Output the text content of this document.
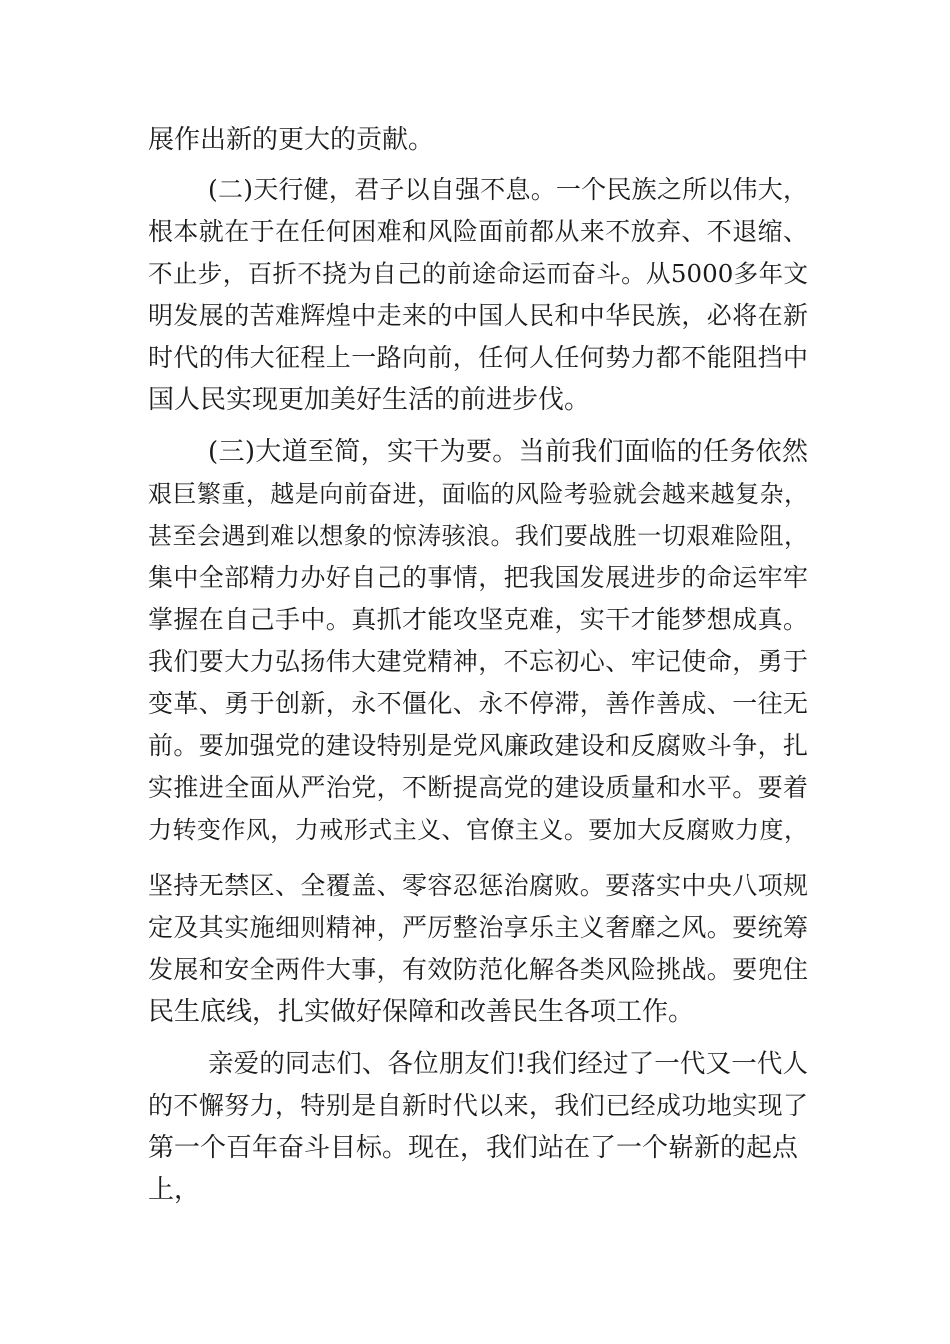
展作出新的更大的贡献。
(二)天行健，君子以自强不息。一个民族之所以伟大，
根本就在于在任何困难和风险面前都从来不放弃、不退缩、
不止步，百折不挠为自己的前途命运而奋斗。从5000多年文
明发展的苦难辉煌中走来的中国人民和中华民族，必将在新
时代的伟大征程上一路向前，任何人任何势力都不能阻挡中
国人民实现更加美好生活的前进步伐。
(三)大道至简，实干为要。当前我们面临的任务依然
艰巨繁重，越是向前奋进，面临的风险考验就会越来越复杂，
甚至会遇到难以想象的惊涛骇浪。我们要战胜一切艰难险阻，
集中全部精力办好自己的事情，把我国发展进步的命运牢牢
掌握在自己手中。真抓才能攻坚克难，实干才能梦想成真。
我们要大力弘扬伟大建党精神，不忘初心、牢记使命，勇于
变革、勇于创新，永不僵化、永不停滞，善作善成、一往无
前。要加强党的建设特别是党风廉政建设和反腐败斗争，扎
实推进全面从严治党，不断提高党的建设质量和水平。要着
力转变作风，力戒形式主义、官僚主义。要加大反腐败力度，
坚持无禁区、全覆盖、零容忍惩治腐败。要落实中央八项规
定及其实施细则精神，严厉整治享乐主义奢靡之风。要统筹
发展和安全两件大事，有效防范化解各类风险挑战。要兜住
民生底线，扎实做好保障和改善民生各项工作。
亲爱的同志们、各位朋友们!我们经过了一代又一代人
的不懈努力，特别是自新时代以来，我们已经成功地实现了
第一个百年奋斗目标。现在，我们站在了一个崭新的起点
上，
